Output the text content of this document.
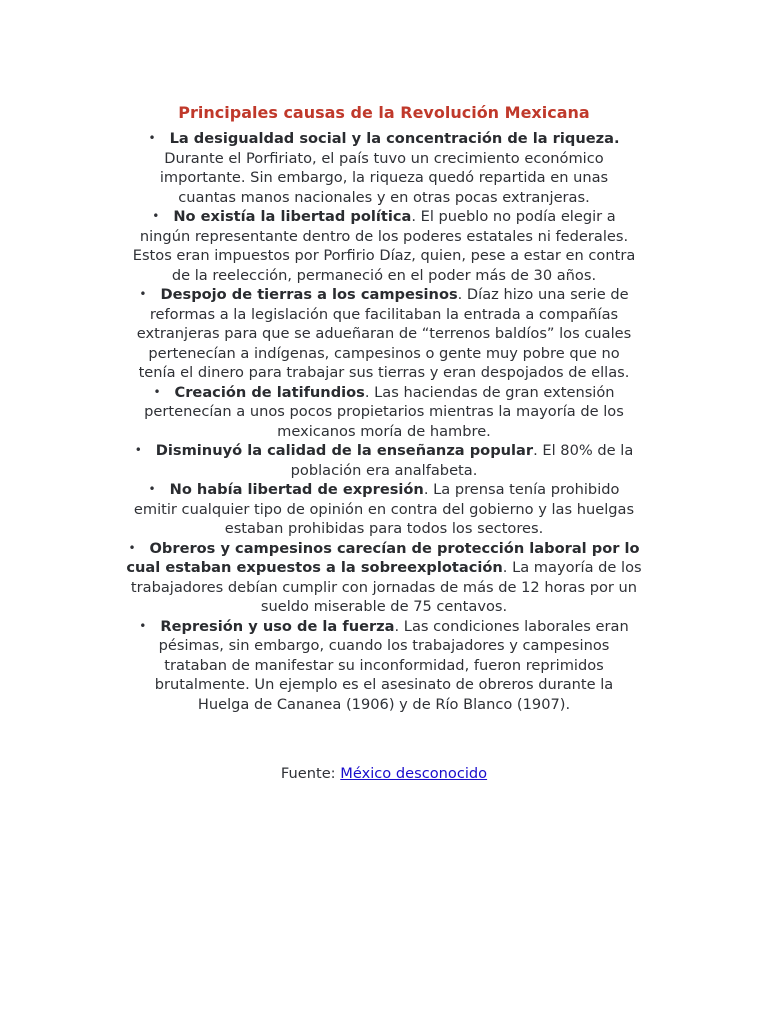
Principales causas de la Revolución Mexicana
• La desigualdad social y la concentración de la riqueza. Durante el Porfiriato, el país tuvo un crecimiento económico importante. Sin embargo, la riqueza quedó repartida en unas cuantas manos nacionales y en otras pocas extranjeras.
• No existía la libertad política. El pueblo no podía elegir a ningún representante dentro de los poderes estatales ni federales. Estos eran impuestos por Porfirio Díaz, quien, pese a estar en contra de la reelección, permaneció en el poder más de 30 años.
• Despojo de tierras a los campesinos. Díaz hizo una serie de reformas a la legislación que facilitaban la entrada a compañías extranjeras para que se adueñaran de “terrenos baldíos” los cuales pertenecían a indígenas, campesinos o gente muy pobre que no tenía el dinero para trabajar sus tierras y eran despojados de ellas.
• Creación de latifundios. Las haciendas de gran extensión pertenecían a unos pocos propietarios mientras la mayoría de los mexicanos moría de hambre.
• Disminuyó la calidad de la enseñanza popular. El 80% de la población era analfabeta.
• No había libertad de expresión. La prensa tenía prohibido emitir cualquier tipo de opinión en contra del gobierno y las huelgas estaban prohibidas para todos los sectores.
• Obreros y campesinos carecían de protección laboral por lo cual estaban expuestos a la sobreexplotación. La mayoría de los trabajadores debían cumplir con jornadas de más de 12 horas por un sueldo miserable de 75 centavos.
• Represión y uso de la fuerza. Las condiciones laborales eran pésimas, sin embargo, cuando los trabajadores y campesinos trataban de manifestar su inconformidad, fueron reprimidos brutalmente. Un ejemplo es el asesinato de obreros durante la Huelga de Cananea (1906) y de Río Blanco (1907).

Fuente: México desconocido
